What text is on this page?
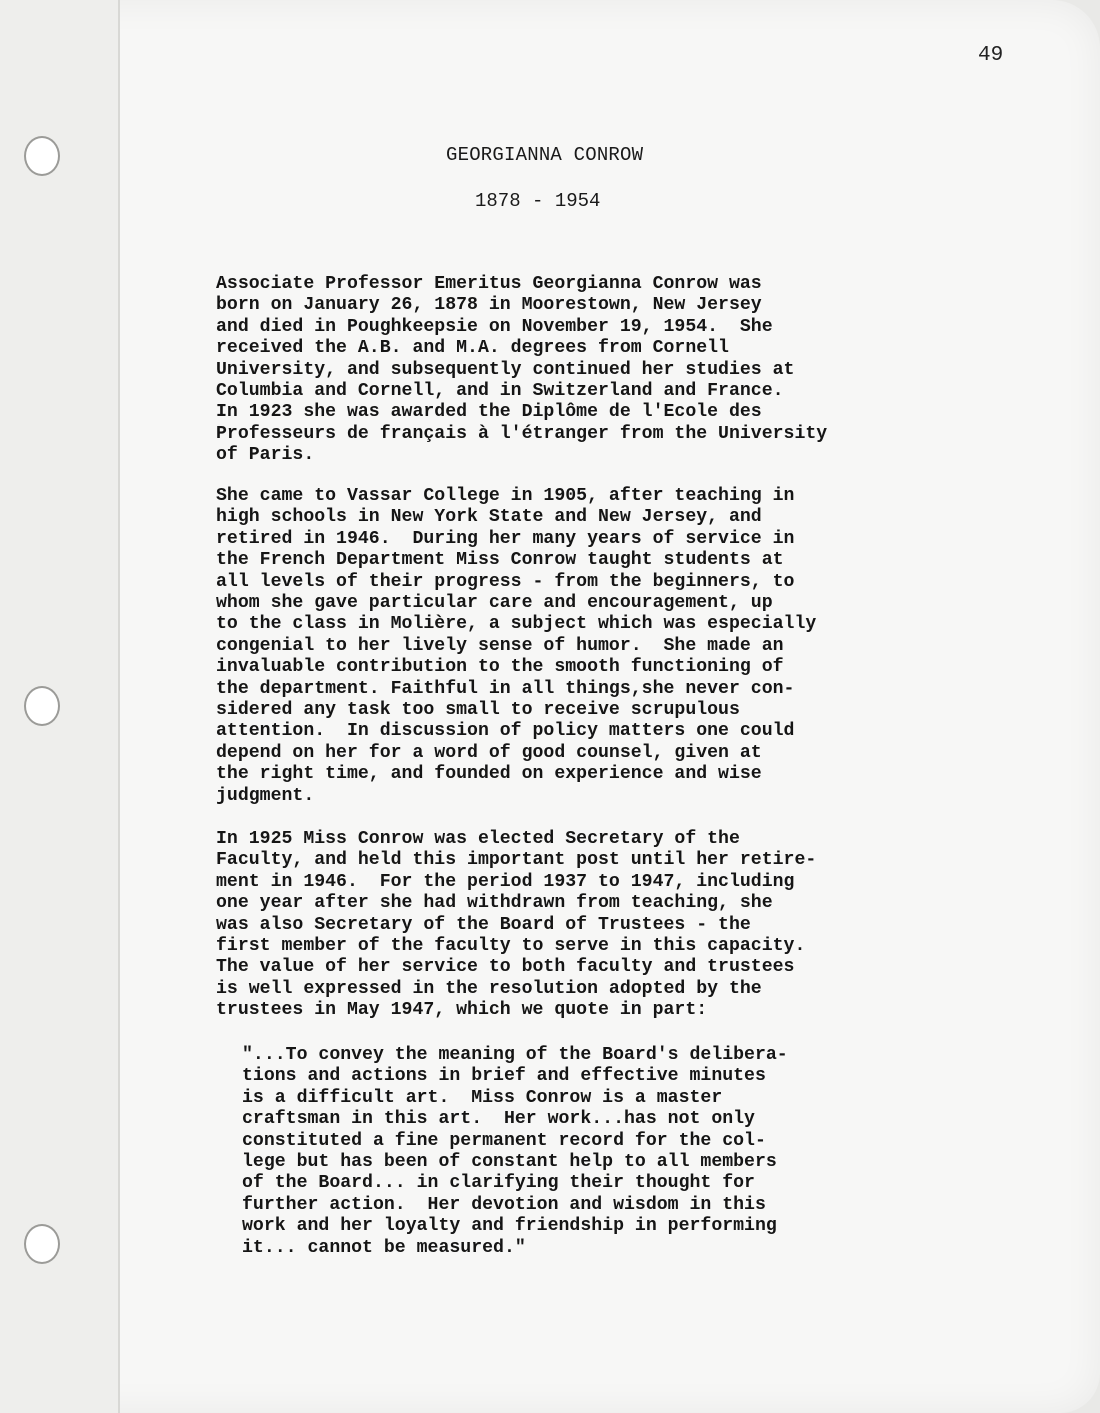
49
GEORGIANNA CONROW
1878 - 1954

Associate Professor Emeritus Georgianna Conrow was
born on January 26, 1878 in Moorestown, New Jersey
and died in Poughkeepsie on November 19, 1954.  She
received the A.B. and M.A. degrees from Cornell
University, and subsequently continued her studies at
Columbia and Cornell, and in Switzerland and France.
In 1923 she was awarded the Diplôme de l'Ecole des
Professeurs de français à l'étranger from the University
of Paris.

She came to Vassar College in 1905, after teaching in
high schools in New York State and New Jersey, and
retired in 1946.  During her many years of service in
the French Department Miss Conrow taught students at
all levels of their progress - from the beginners, to
whom she gave particular care and encouragement, up
to the class in Molière, a subject which was especially
congenial to her lively sense of humor.  She made an
invaluable contribution to the smooth functioning of
the department. Faithful in all things,she never con-
sidered any task too small to receive scrupulous
attention.  In discussion of policy matters one could
depend on her for a word of good counsel, given at
the right time, and founded on experience and wise
judgment.

In 1925 Miss Conrow was elected Secretary of the
Faculty, and held this important post until her retire-
ment in 1946.  For the period 1937 to 1947, including
one year after she had withdrawn from teaching, she
was also Secretary of the Board of Trustees - the
first member of the faculty to serve in this capacity.
The value of her service to both faculty and trustees
is well expressed in the resolution adopted by the
trustees in May 1947, which we quote in part:

"...To convey the meaning of the Board's delibera-
tions and actions in brief and effective minutes
is a difficult art.  Miss Conrow is a master
craftsman in this art.  Her work...has not only
constituted a fine permanent record for the col-
lege but has been of constant help to all members
of the Board... in clarifying their thought for
further action.  Her devotion and wisdom in this
work and her loyalty and friendship in performing
it... cannot be measured."
